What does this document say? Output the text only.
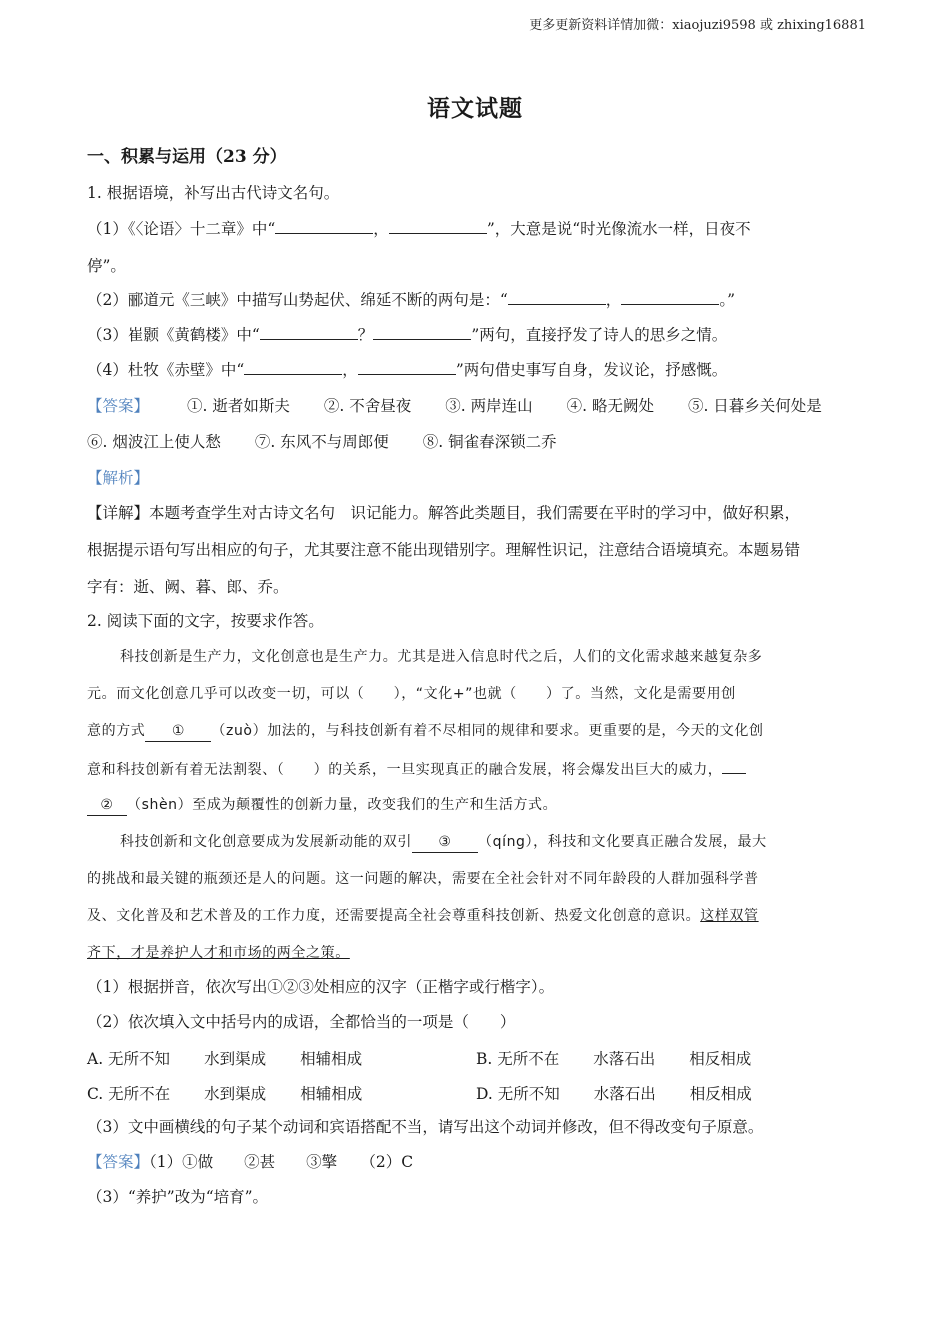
更多更新资料详情加微：xiaojuzi9598 或 zhixing16881
语文试题
一、积累与运用（23 分）
1. 根据语境，补写出古代诗文名句。
（1）《〈论语〉十二章》中“	，	”，大意是说“时光像流水一样，日夜不
停”。
（2）郦道元《三峡》中描写山势起伏、绵延不断的两句是：“	，	。”
（3）崔颢《黄鹤楼》中“	？	”两句，直接抒发了诗人的思乡之情。
（4）杜牧《赤壁》中“	，	”两句借史事写自身，发议论，抒感慨。
【答案】 ①. 逝者如斯夫 ②. 不舍昼夜 ③. 两岸连山 ④. 略无阙处 ⑤. 日暮乡关何处是
⑥. 烟波江上使人愁 ⑦. 东风不与周郎便 ⑧. 铜雀春深锁二乔
【解析】
【详解】本题考查学生对古诗文名句　识记能力。解答此类题目，我们需要在平时的学习中，做好积累，
根据提示语句写出相应的句子，尤其要注意不能出现错别字。理解性识记，注意结合语境填充。本题易错
字有：逝、阙、暮、郎、乔。
2. 阅读下面的文字，按要求作答。
科技创新是生产力，文化创意也是生产力。尤其是进入信息时代之后，人们的文化需求越来越复杂多
元。而文化创意几乎可以改变一切，可以（　　），“文化+”也就（　　）了。当然，文化是需要用创
意的方式 ① （zuò）加法的，与科技创新有着不尽相同的规律和要求。更重要的是，今天的文化创
意和科技创新有着无法割裂、（　　）的关系，一旦实现真正的融合发展，将会爆发出巨大的威力，
② （shèn）至成为颠覆性的创新力量，改变我们的生产和生活方式。
科技创新和文化创意要成为发展新动能的双引 ③ （qíng），科技和文化要真正融合发展，最大
的挑战和最关键的瓶颈还是人的问题。这一问题的解决，需要在全社会针对不同年龄段的人群加强科学普
及、文化普及和艺术普及的工作力度，还需要提高全社会尊重科技创新、热爱文化创意的意识。这样双管
齐下，才是养护人才和市场的两全之策。
（1）根据拼音，依次写出①②③处相应的汉字（正楷字或行楷字）。
（2）依次填入文中括号内的成语，全都恰当的一项是（　　）
A. 无所不知 水到渠成 相辅相成	B. 无所不在 水落石出 相反相成
C. 无所不在 水到渠成 相辅相成	D. 无所不知 水落石出 相反相成
（3）文中画横线的句子某个动词和宾语搭配不当，请写出这个动词并修改，但不得改变句子原意。
【答案】（1）①做　　②甚　　③擎　　（2）C
（3）“养护”改为“培育”。
